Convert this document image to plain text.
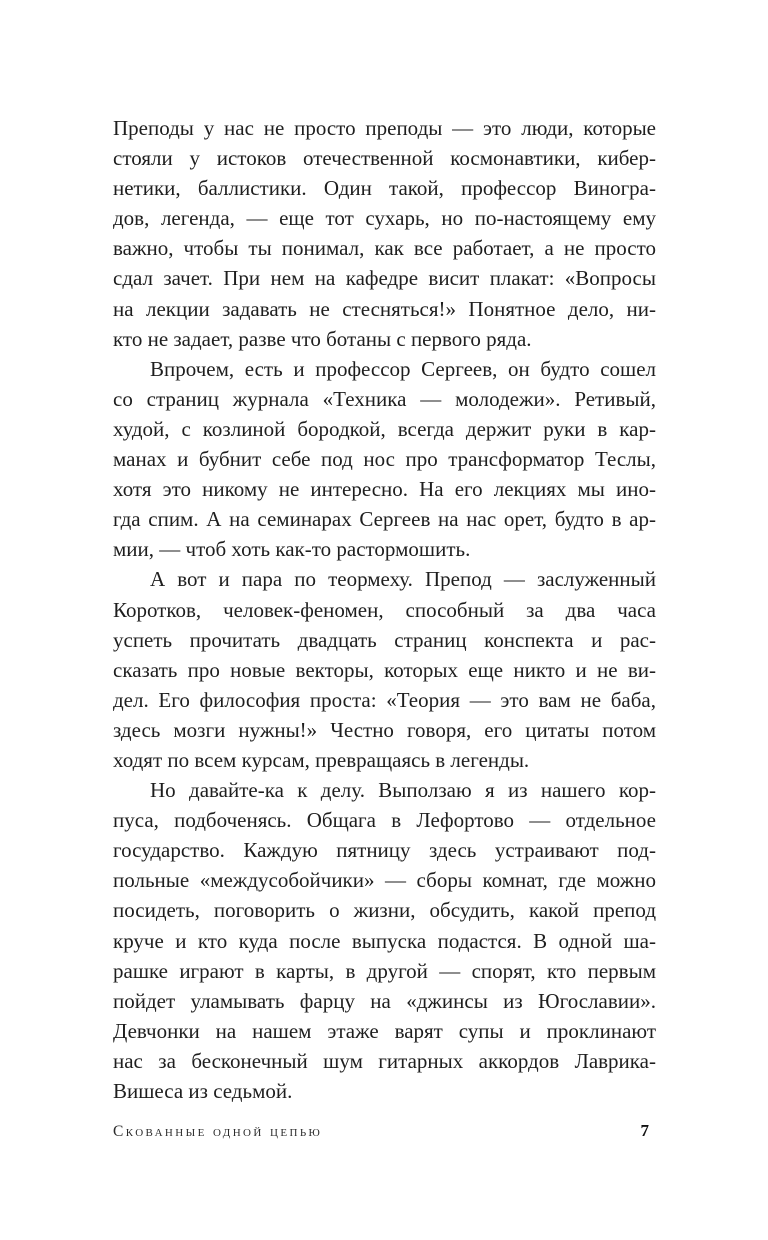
Преподы у нас не просто преподы — это люди, которые
стояли у истоков отечественной космонавтики, кибер-
нетики, баллистики. Один такой, профессор Виногра-
дов, легенда, — еще тот сухарь, но по-настоящему ему
важно, чтобы ты понимал, как все работает, а не просто
сдал зачет. При нем на кафедре висит плакат: «Вопросы
на лекции задавать не стесняться!» Понятное дело, ни-
кто не задает, разве что ботаны с первого ряда.
Впрочем, есть и профессор Сергеев, он будто сошел
со страниц журнала «Техника — молодежи». Ретивый,
худой, с козлиной бородкой, всегда держит руки в кар-
манах и бубнит себе под нос про трансформатор Теслы,
хотя это никому не интересно. На его лекциях мы ино-
гда спим. А на семинарах Сергеев на нас орет, будто в ар-
мии, — чтоб хоть как-то растормошить.
А вот и пара по теормеху. Препод — заслуженный
Коротков, человек-феномен, способный за два часа
успеть прочитать двадцать страниц конспекта и рас-
сказать про новые векторы, которых еще никто и не ви-
дел. Его философия проста: «Теория — это вам не баба,
здесь мозги нужны!» Честно говоря, его цитаты потом
ходят по всем курсам, превращаясь в легенды.
Но давайте-ка к делу. Выползаю я из нашего кор-
пуса, подбоченясь. Общага в Лефортово — отдельное
государство. Каждую пятницу здесь устраивают под-
польные «междусобойчики» — сборы комнат, где можно
посидеть, поговорить о жизни, обсудить, какой препод
круче и кто куда после выпуска подастся. В одной ша-
рашке играют в карты, в другой — спорят, кто первым
пойдет уламывать фарцу на «джинсы из Югославии».
Девчонки на нашем этаже варят супы и проклинают
нас за бесконечный шум гитарных аккордов Лаврика-
Вишеса из седьмой.
Скованные одной цепью	7
